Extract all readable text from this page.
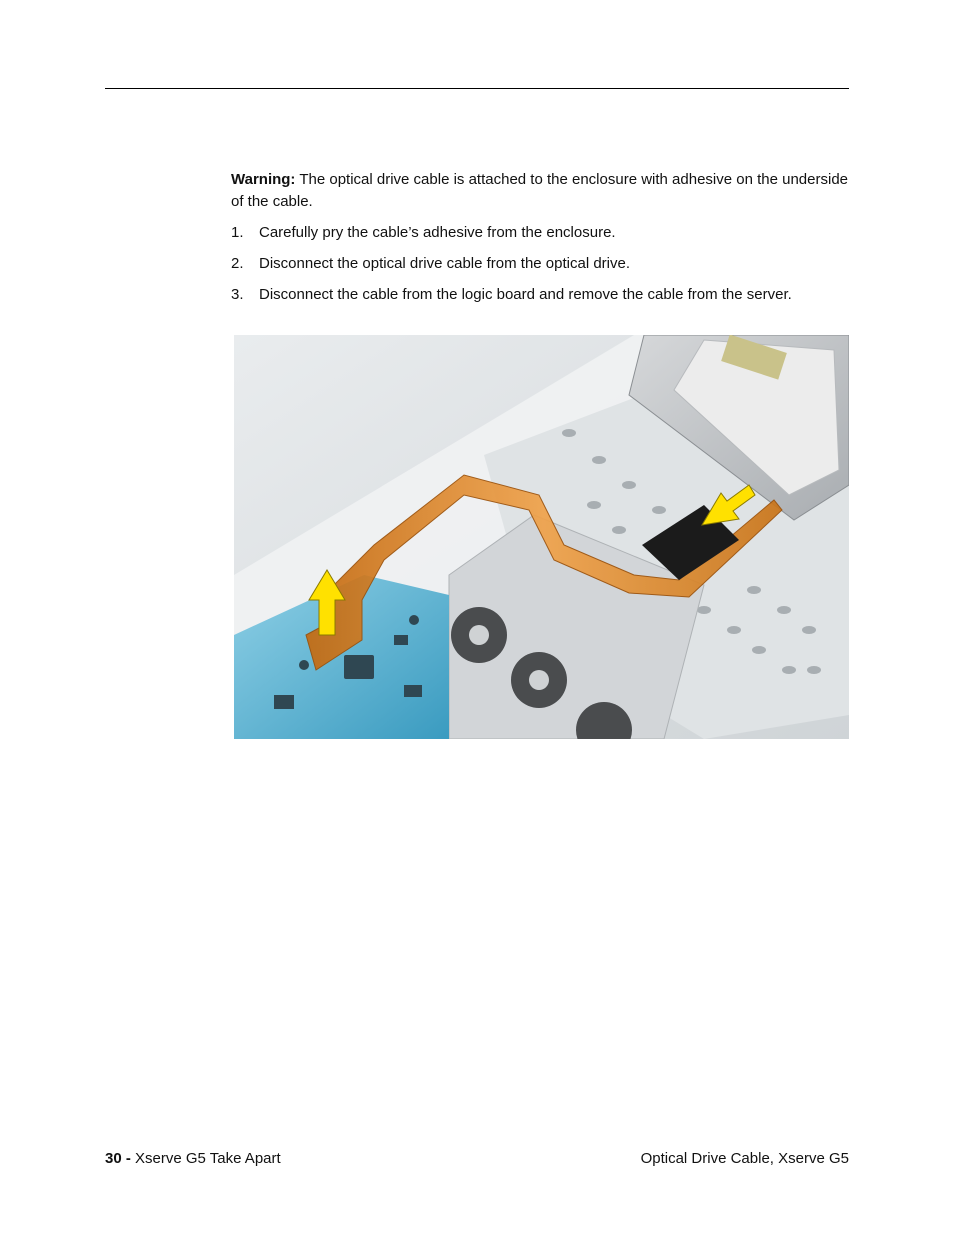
Warning: The optical drive cable is attached to the enclosure with adhesive on the underside of the cable.

1. Carefully pry the cable’s adhesive from the enclosure.
2. Disconnect the optical drive cable from the optical drive.
3. Disconnect the cable from the logic board and remove the cable from the server.
30 - Xserve G5 Take Apart	Optical Drive Cable, Xserve G5
